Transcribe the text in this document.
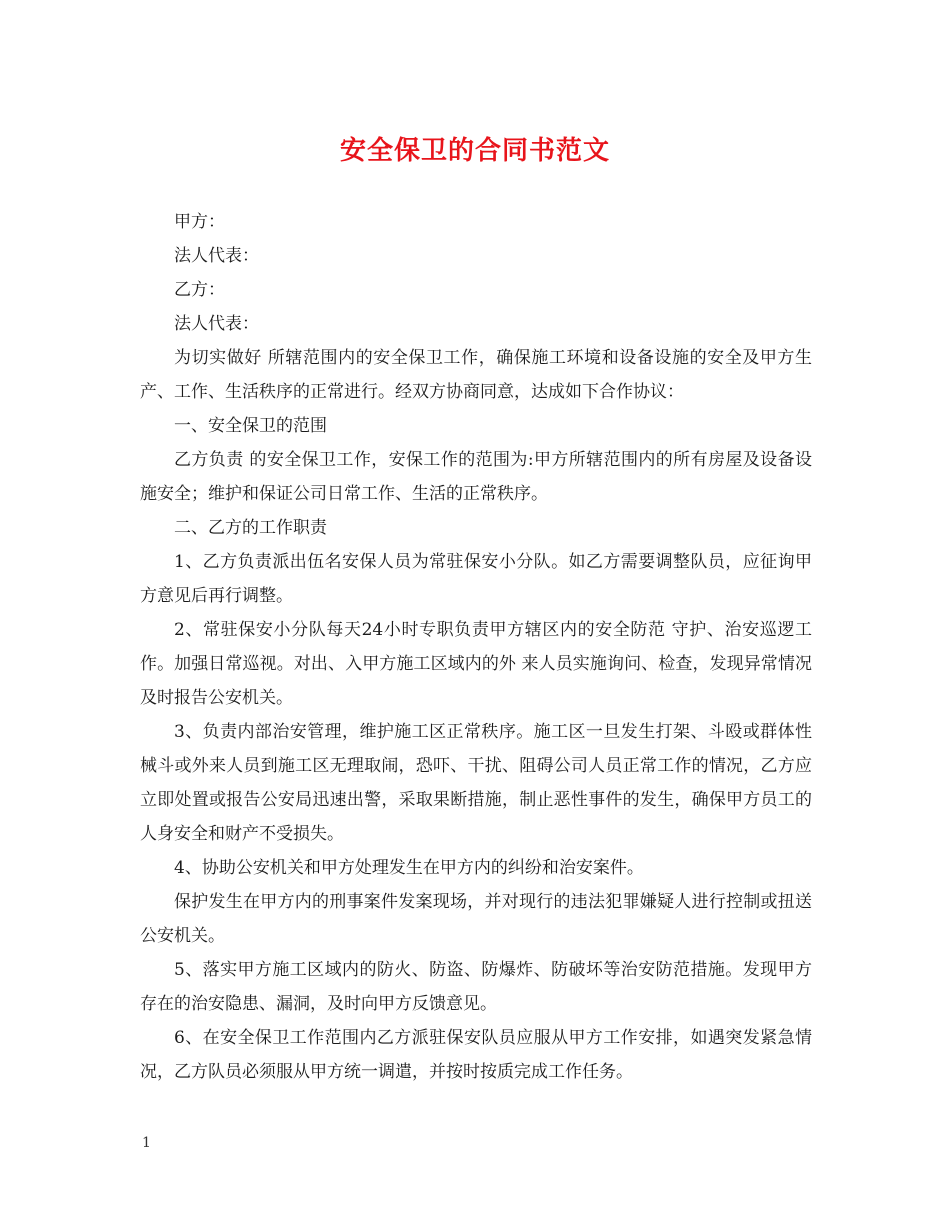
安全保卫的合同书范文

甲方：

法人代表：

乙方：

法人代表：

为切实做好 所辖范围内的安全保卫工作，确保施工环境和设备设施的安全及甲方生产、工作、生活秩序的正常进行。经双方协商同意，达成如下合作协议：

一、安全保卫的范围

乙方负责 的安全保卫工作，安保工作的范围为:甲方所辖范围内的所有房屋及设备设施安全；维护和保证公司日常工作、生活的正常秩序。

二、乙方的工作职责

1、乙方负责派出伍名安保人员为常驻保安小分队。如乙方需要调整队员，应征询甲方意见后再行调整。

2、常驻保安小分队每天24小时专职负责甲方辖区内的安全防范 守护、治安巡逻工作。加强日常巡视。对出、入甲方施工区域内的外 来人员实施询问、检查，发现异常情况及时报告公安机关。

3、负责内部治安管理，维护施工区正常秩序。施工区一旦发生打架、斗殴或群体性械斗或外来人员到施工区无理取闹，恐吓、干扰、阻碍公司人员正常工作的情况，乙方应立即处置或报告公安局迅速出警，采取果断措施，制止恶性事件的发生，确保甲方员工的人身安全和财产不受损失。

4、协助公安机关和甲方处理发生在甲方内的纠纷和治安案件。

保护发生在甲方内的刑事案件发案现场，并对现行的违法犯罪嫌疑人进行控制或扭送公安机关。

5、落实甲方施工区域内的防火、防盗、防爆炸、防破坏等治安防范措施。发现甲方存在的治安隐患、漏洞，及时向甲方反馈意见。

6、在安全保卫工作范围内乙方派驻保安队员应服从甲方工作安排，如遇突发紧急情况，乙方队员必须服从甲方统一调遣，并按时按质完成工作任务。

1
